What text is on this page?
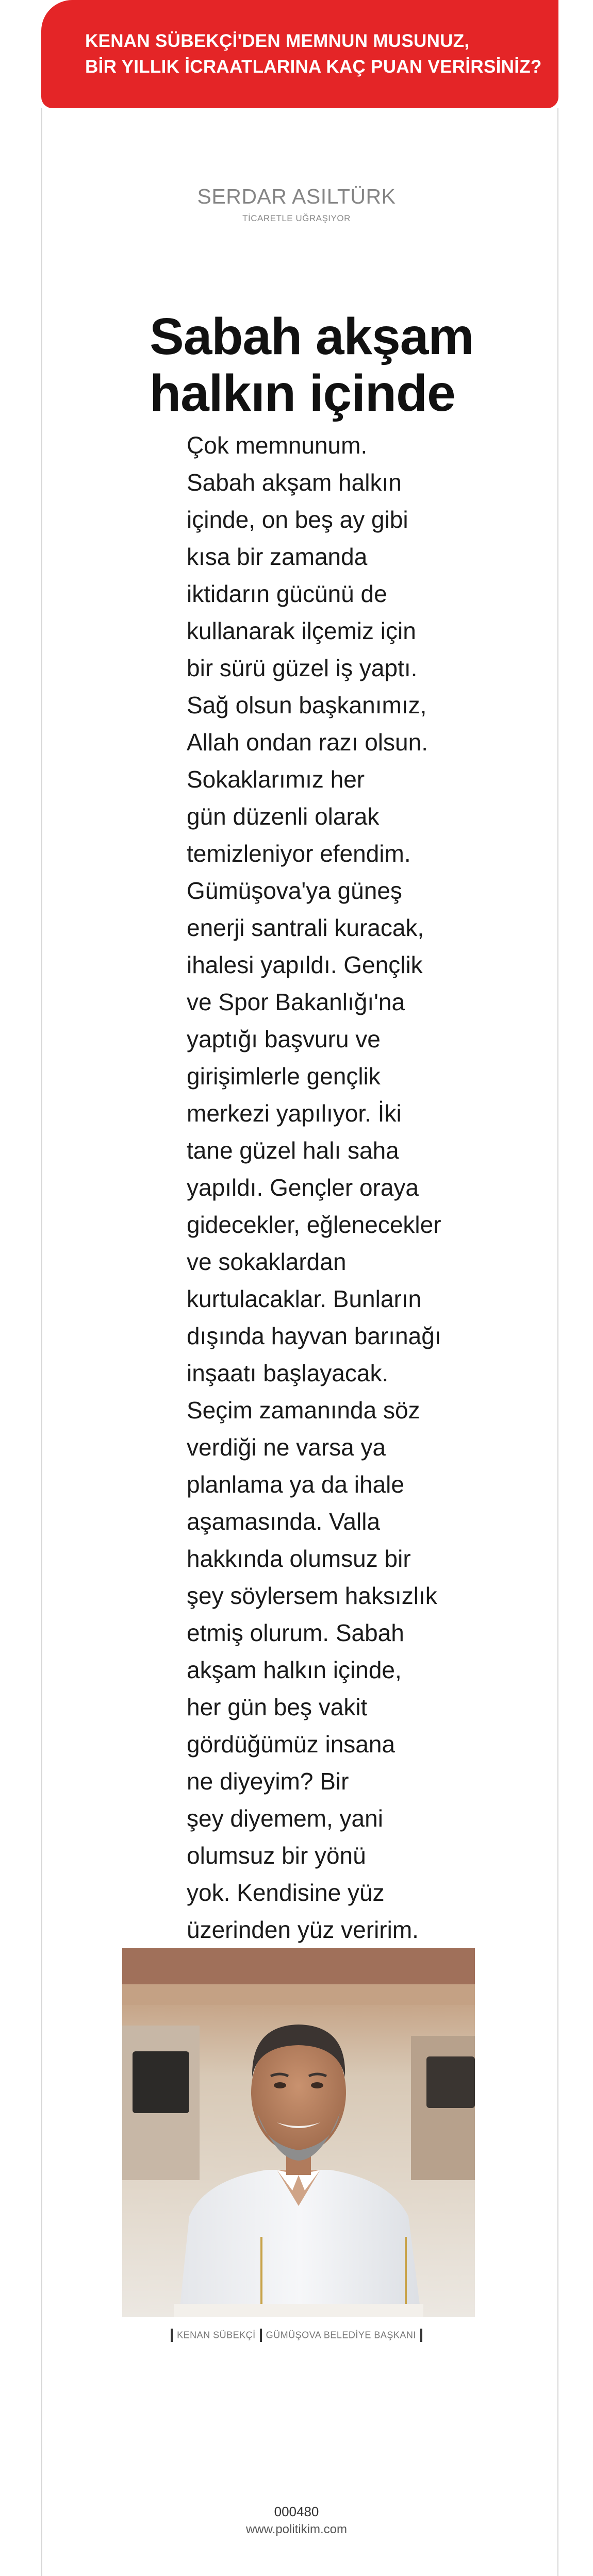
KENAN SÜBEKÇİ'DEN MEMNUN MUSUNUZ,
BİR YILLIK İCRAATLARINA KAÇ PUAN VERİRSİNİZ?
SERDAR ASILTÜRK
TİCARETLE UĞRAŞIYOR
Sabah akşam
halkın içinde
Çok memnunum.
Sabah akşam halkın
içinde, on beş ay gibi
kısa bir zamanda
iktidarın gücünü de
kullanarak ilçemiz için
bir sürü güzel iş yaptı.
Sağ olsun başkanımız,
Allah ondan razı olsun.
Sokaklarımız her
gün düzenli olarak
temizleniyor efendim.
Gümüşova'ya güneş
enerji santrali kuracak,
ihalesi yapıldı. Gençlik
ve Spor Bakanlığı'na
yaptığı başvuru ve
girişimlerle gençlik
merkezi yapılıyor. İki
tane güzel halı saha
yapıldı. Gençler oraya
gidecekler, eğlenecekler
ve sokaklardan
kurtulacaklar. Bunların
dışında hayvan barınağı
inşaatı başlayacak.
Seçim zamanında söz
verdiği ne varsa ya
planlama ya da ihale
aşamasında. Valla
hakkında olumsuz bir
şey söylersem haksızlık
etmiş olurum. Sabah
akşam halkın içinde,
her gün beş vakit
gördüğümüz insana
ne diyeyim? Bir
şey diyemem, yani
olumsuz bir yönü
yok. Kendisine yüz
üzerinden yüz veririm.
KENAN SÜBEKÇİ GÜMÜŞOVA BELEDİYE BAŞKANI
000480
www.politikim.com
